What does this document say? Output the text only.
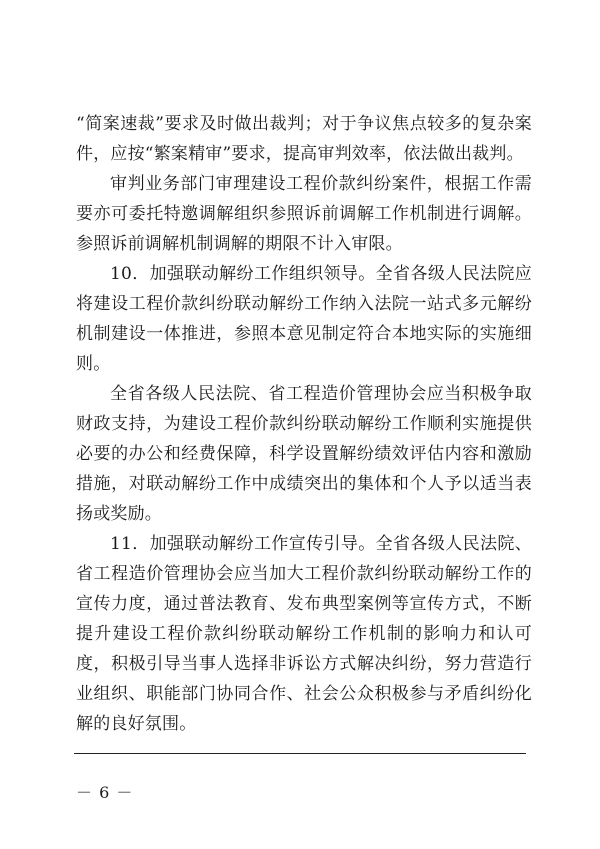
“简案速裁”要求及时做出裁判；对于争议焦点较多的复杂案件，应按“繁案精审”要求，提高审判效率，依法做出裁判。

审判业务部门审理建设工程价款纠纷案件，根据工作需要亦可委托特邀调解组织参照诉前调解工作机制进行调解。参照诉前调解机制调解的期限不计入审限。

10．加强联动解纷工作组织领导。全省各级人民法院应将建设工程价款纠纷联动解纷工作纳入法院一站式多元解纷机制建设一体推进，参照本意见制定符合本地实际的实施细则。

全省各级人民法院、省工程造价管理协会应当积极争取财政支持，为建设工程价款纠纷联动解纷工作顺利实施提供必要的办公和经费保障，科学设置解纷绩效评估内容和激励措施，对联动解纷工作中成绩突出的集体和个人予以适当表扬或奖励。

11．加强联动解纷工作宣传引导。全省各级人民法院、省工程造价管理协会应当加大工程价款纠纷联动解纷工作的宣传力度，通过普法教育、发布典型案例等宣传方式，不断提升建设工程价款纠纷联动解纷工作机制的影响力和认可度，积极引导当事人选择非诉讼方式解决纠纷，努力营造行业组织、职能部门协同合作、社会公众积极参与矛盾纠纷化解的良好氛围。

－ 6 －
